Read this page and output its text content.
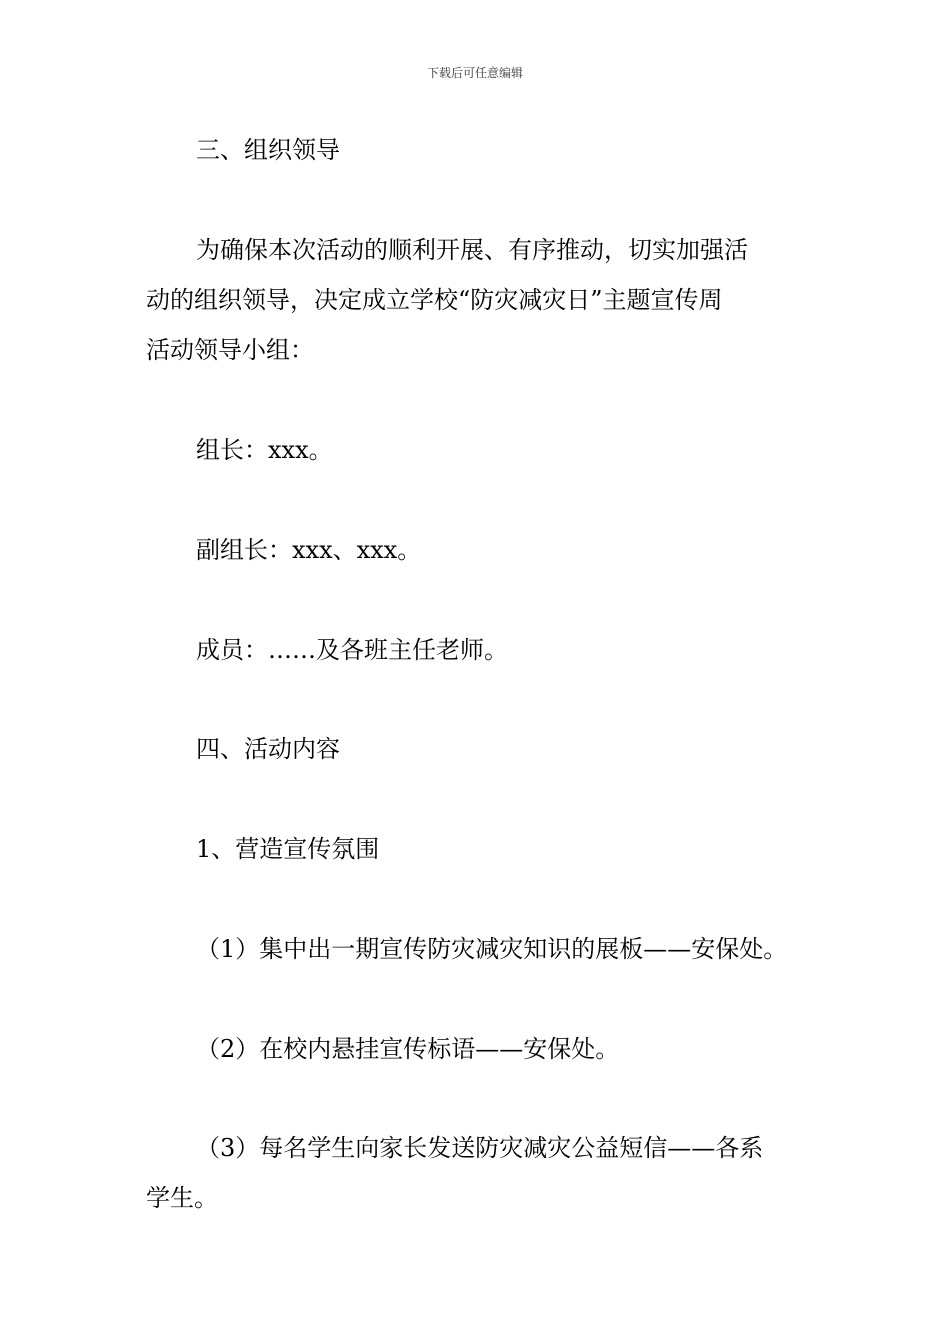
下载后可任意编辑
三、组织领导
为确保本次活动的顺利开展、有序推动，切实加强活
动的组织领导，决定成立学校“防灾减灾日”主题宣传周
活动领导小组：
组长：xxx。
副组长：xxx、xxx。
成员：……及各班主任老师。
四、活动内容
1、营造宣传氛围
（1）集中出一期宣传防灾减灾知识的展板——安保处。
（2）在校内悬挂宣传标语——安保处。
（3）每名学生向家长发送防灾减灾公益短信——各系
学生。
